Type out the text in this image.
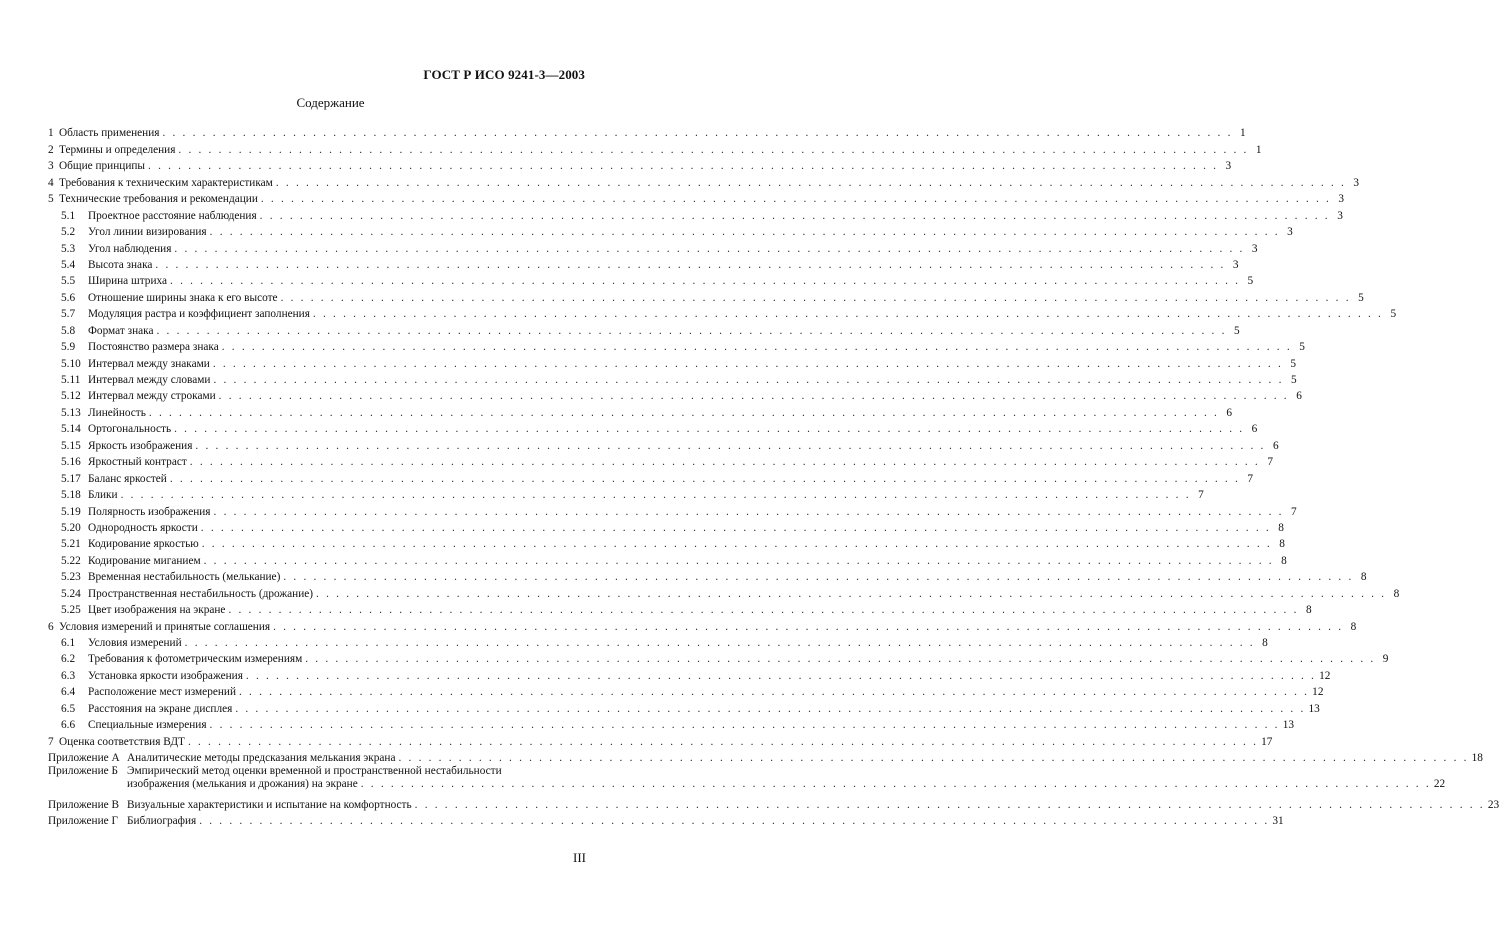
ГОСТ Р ИСО 9241-3—2003
Содержание
1 Область применения . . .	1
2 Термины и определения . . .	1
3 Общие принципы . . .	3
4 Требования к техническим характеристикам . . .	3
5 Технические требования и рекомендации . . .	3
5.1	Проектное расстояние наблюдения . . .	3
5.2	Угол линии визирования . . .	3
5.3	Угол наблюдения . . .	3
5.4	Высота знака . . .	3
5.5	Ширина штриха . . .	5
5.6	Отношение ширины знака к его высоте . . .	5
5.7	Модуляция растра и коэффициент заполнения . . .	5
5.8	Формат знака . . .	5
5.9	Постоянство размера знака . . .	5
5.10 Интервал между знаками . . .	5
5.11 Интервал между словами . . .	5
5.12 Интервал между строками . . .	6
5.13 Линейность . . .	6
5.14 Ортогональность . . .	6
5.15 Яркость изображения . . .	6
5.16 Яркостный контраст . . .	7
5.17 Баланс яркостей . . .	7
5.18 Блики . . .	7
5.19 Полярность изображения . . .	7
5.20 Однородность яркости . . .	8
5.21 Кодирование яркостью . . .	8
5.22 Кодирование миганием . . .	8
5.23 Временная нестабильность (мелькание) . . .	8
5.24 Пространственная нестабильность (дрожание) . . .	8
5.25 Цвет изображения на экране . . .	8
6 Условия измерений и принятые соглашения . . .	8
6.1	Условия измерений . . .	8
6.2	Требования к фотометрическим измерениям . . .	9
6.3	Установка яркости изображения . . .	12
6.4	Расположение мест измерений . . .	12
6.5	Расстояния на экране дисплея . . .	13
6.6	Специальные измерения . . .	13
7 Оценка соответствия ВДТ . . .	17
Приложение А Аналитические методы предсказания мелькания экрана . . .	18
Приложение Б Эмпирический метод оценки временной и пространственной нестабильности
изображения (мелькания и дрожания) на экране . . .	22
Приложение В Визуальные характеристики и испытание на комфортность . . .	23
Приложение Г Библиография . . .	31
III
